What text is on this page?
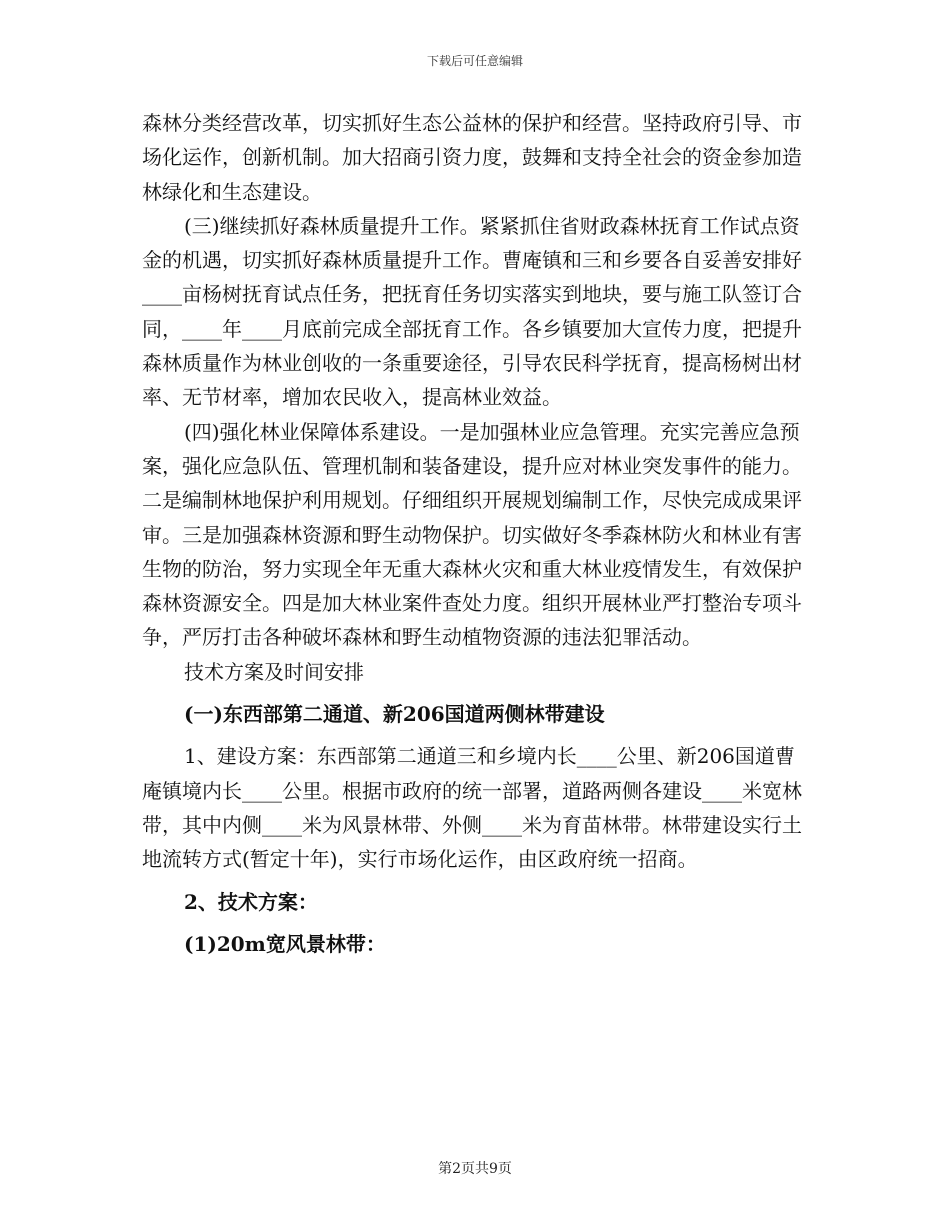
下载后可任意编辑

森林分类经营改革，切实抓好生态公益林的保护和经营。坚持政府引导、市场化运作，创新机制。加大招商引资力度，鼓舞和支持全社会的资金参加造林绿化和生态建设。

(三)继续抓好森林质量提升工作。紧紧抓住省财政森林抚育工作试点资金的机遇，切实抓好森林质量提升工作。曹庵镇和三和乡要各自妥善安排好____亩杨树抚育试点任务，把抚育任务切实落实到地块，要与施工队签订合同，____年____月底前完成全部抚育工作。各乡镇要加大宣传力度，把提升森林质量作为林业创收的一条重要途径，引导农民科学抚育，提高杨树出材率、无节材率，增加农民收入，提高林业效益。

(四)强化林业保障体系建设。一是加强林业应急管理。充实完善应急预案，强化应急队伍、管理机制和装备建设，提升应对林业突发事件的能力。二是编制林地保护利用规划。仔细组织开展规划编制工作，尽快完成成果评审。三是加强森林资源和野生动物保护。切实做好冬季森林防火和林业有害生物的防治，努力实现全年无重大森林火灾和重大林业疫情发生，有效保护森林资源安全。四是加大林业案件查处力度。组织开展林业严打整治专项斗争，严厉打击各种破坏森林和野生动植物资源的违法犯罪活动。

技术方案及时间安排

(一)东西部第二通道、新206国道两侧林带建设

1、建设方案：东西部第二通道三和乡境内长____公里、新206国道曹庵镇境内长____公里。根据市政府的统一部署，道路两侧各建设____米宽林带，其中内侧____米为风景林带、外侧____米为育苗林带。林带建设实行土地流转方式(暂定十年)，实行市场化运作，由区政府统一招商。

2、技术方案：

(1)20m宽风景林带：

第2页共9页
